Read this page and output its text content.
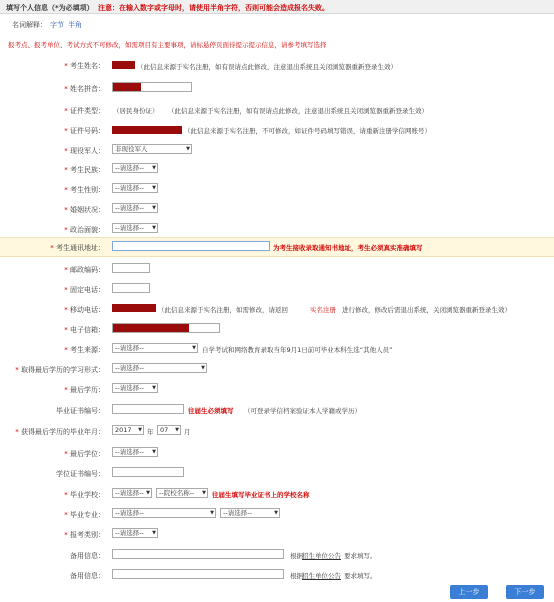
填写个人信息（*为必填项） 注意：在输入数字或字母时，请使用半角字符，否则可能会造成报名失败。
名词解释： 字节 半角
报考点、报考单位、考试方式不可修改，如需项目有主要事项，请标悬停页面待提示提示信息，请参考填写选择
* 考生姓名：	（此信息来源于实名注册，如有误请点此修改，注意退出系统且关闭浏览器重新登录生效）
* 姓名拼音：
* 证件类型： （居民身份证） （此信息来源于实名注册，如有误请点此修改，注意退出系统且关闭浏览器重新登录生效）
* 证件号码：	（此信息来源于实名注册，不可修改，如证件号码填写错误，请重新注册学信网账号）
* 现役军人：	非现役军人	▼
* 考生民族：	--请选择-- ▼
* 考生性别：	--请选择-- ▼
* 婚姻状况：	--请选择-- ▼
* 政治面貌：	--请选择-- ▼
* 考生通讯地址：	为考生接收录取通知书地址，考生必须真实准确填写
* 邮政编码：
* 固定电话：
* 移动电话：	（此信息来源于实名注册，如需修改，请返回	实名注册 进行修改，修改后需退出系统，关闭浏览器重新登录生效）
* 电子信箱：
* 考生来源：	--请选择--	▼ 自学考试和网络教育录取当年9月1日前可毕业本科生选“其他人员”
* 取得最后学历的学习形式：	--请选择--	▼
* 最后学历：	--请选择-- ▼
毕业证书编号：	往届生必须填写 （可登录学信档案验证本人学籍或学历）
* 获得最后学历的毕业年月：	2017 ▼ 年	07 ▼ 月
* 最后学位：	--请选择-- ▼
学位证书编号：
* 毕业学校：	--请选择-- ▼	--院校名称-- ▼ 往届生填写毕业证书上的学校名称
* 毕业专业：	--请选择--	▼	--请选择--	▼
* 报考类别：	--请选择-- ▼
备用信息：	根据 招生单位公告 要求填写。
备用信息：	根据 招生单位公告 要求填写。
上一步	下一步
